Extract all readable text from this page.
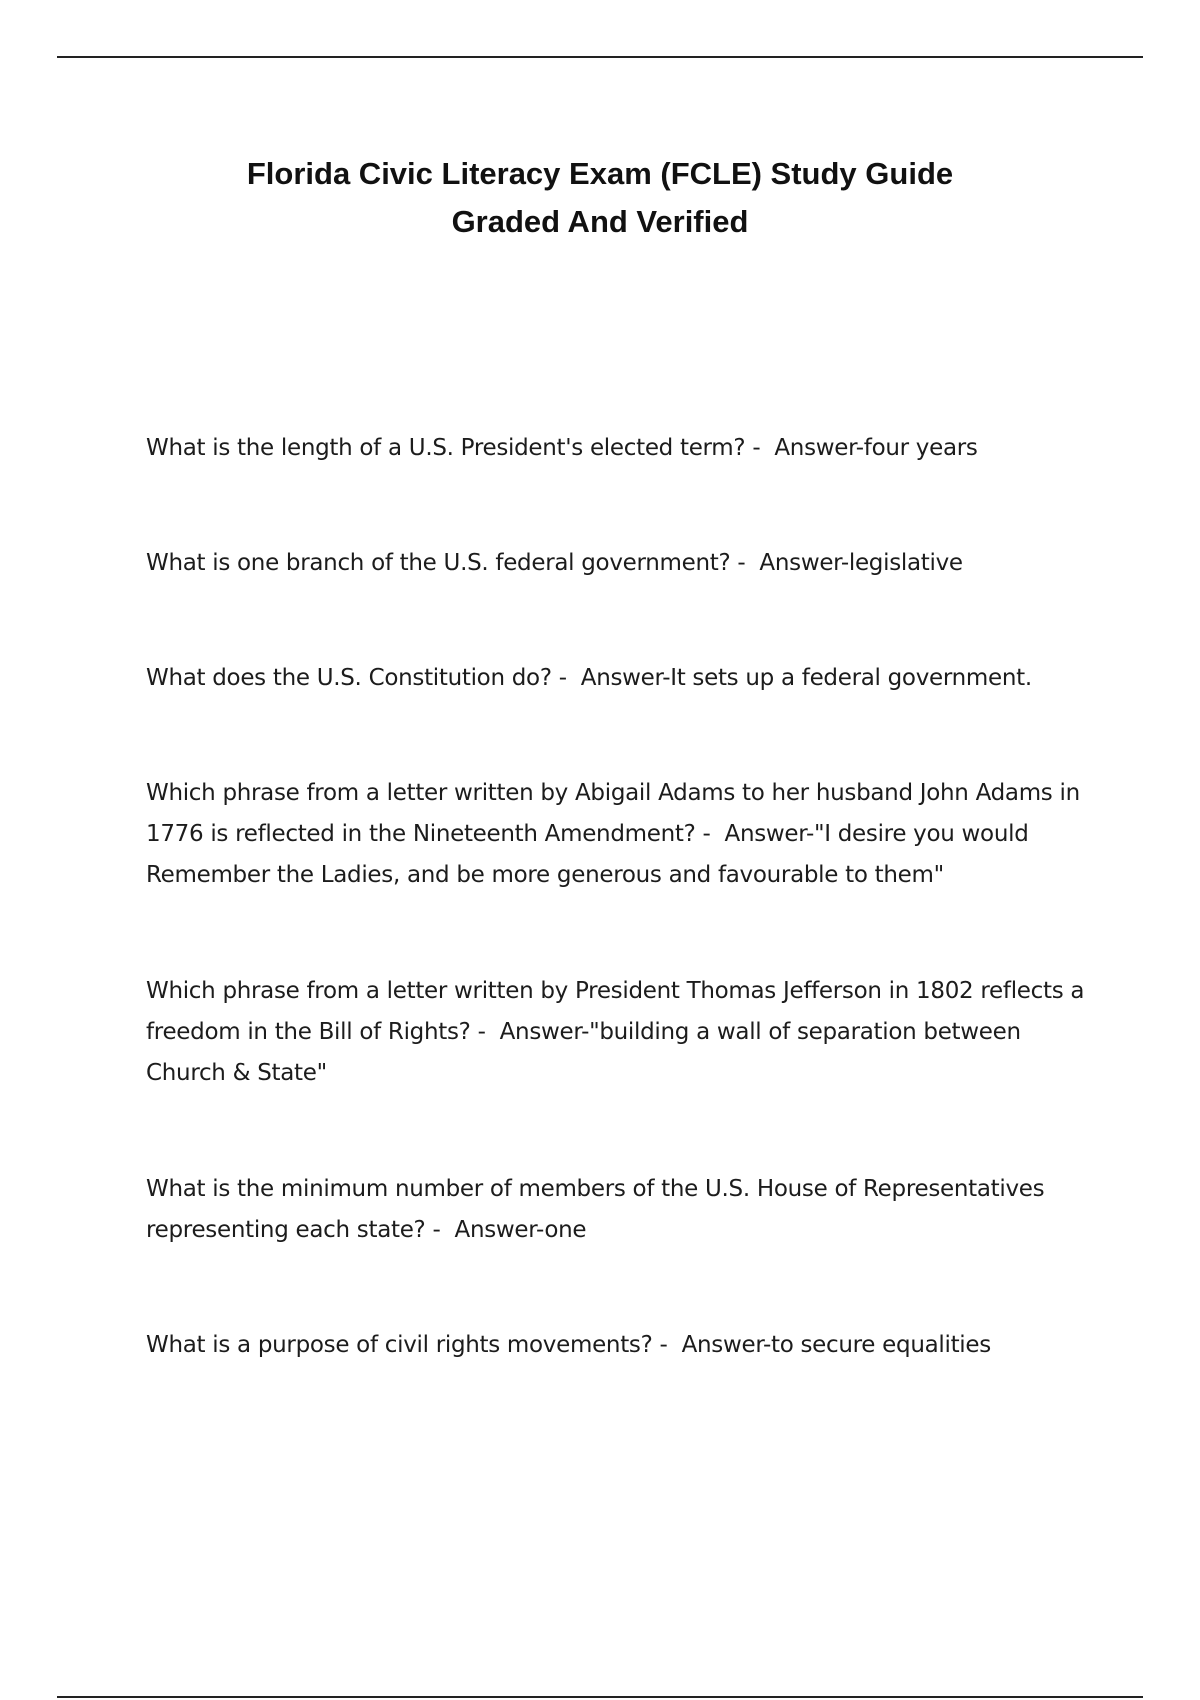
Florida Civic Literacy Exam (FCLE) Study Guide
Graded And Verified

What is the length of a U.S. President's elected term? -  Answer-four years

What is one branch of the U.S. federal government? -  Answer-legislative

What does the U.S. Constitution do? -  Answer-It sets up a federal government.

Which phrase from a letter written by Abigail Adams to her husband John Adams in 1776 is reflected in the Nineteenth Amendment? -  Answer-"I desire you would Remember the Ladies, and be more generous and favourable to them"

Which phrase from a letter written by President Thomas Jefferson in 1802 reflects a freedom in the Bill of Rights? -  Answer-"building a wall of separation between Church & State"

What is the minimum number of members of the U.S. House of Representatives representing each state? -  Answer-one

What is a purpose of civil rights movements? -  Answer-to secure equalities
